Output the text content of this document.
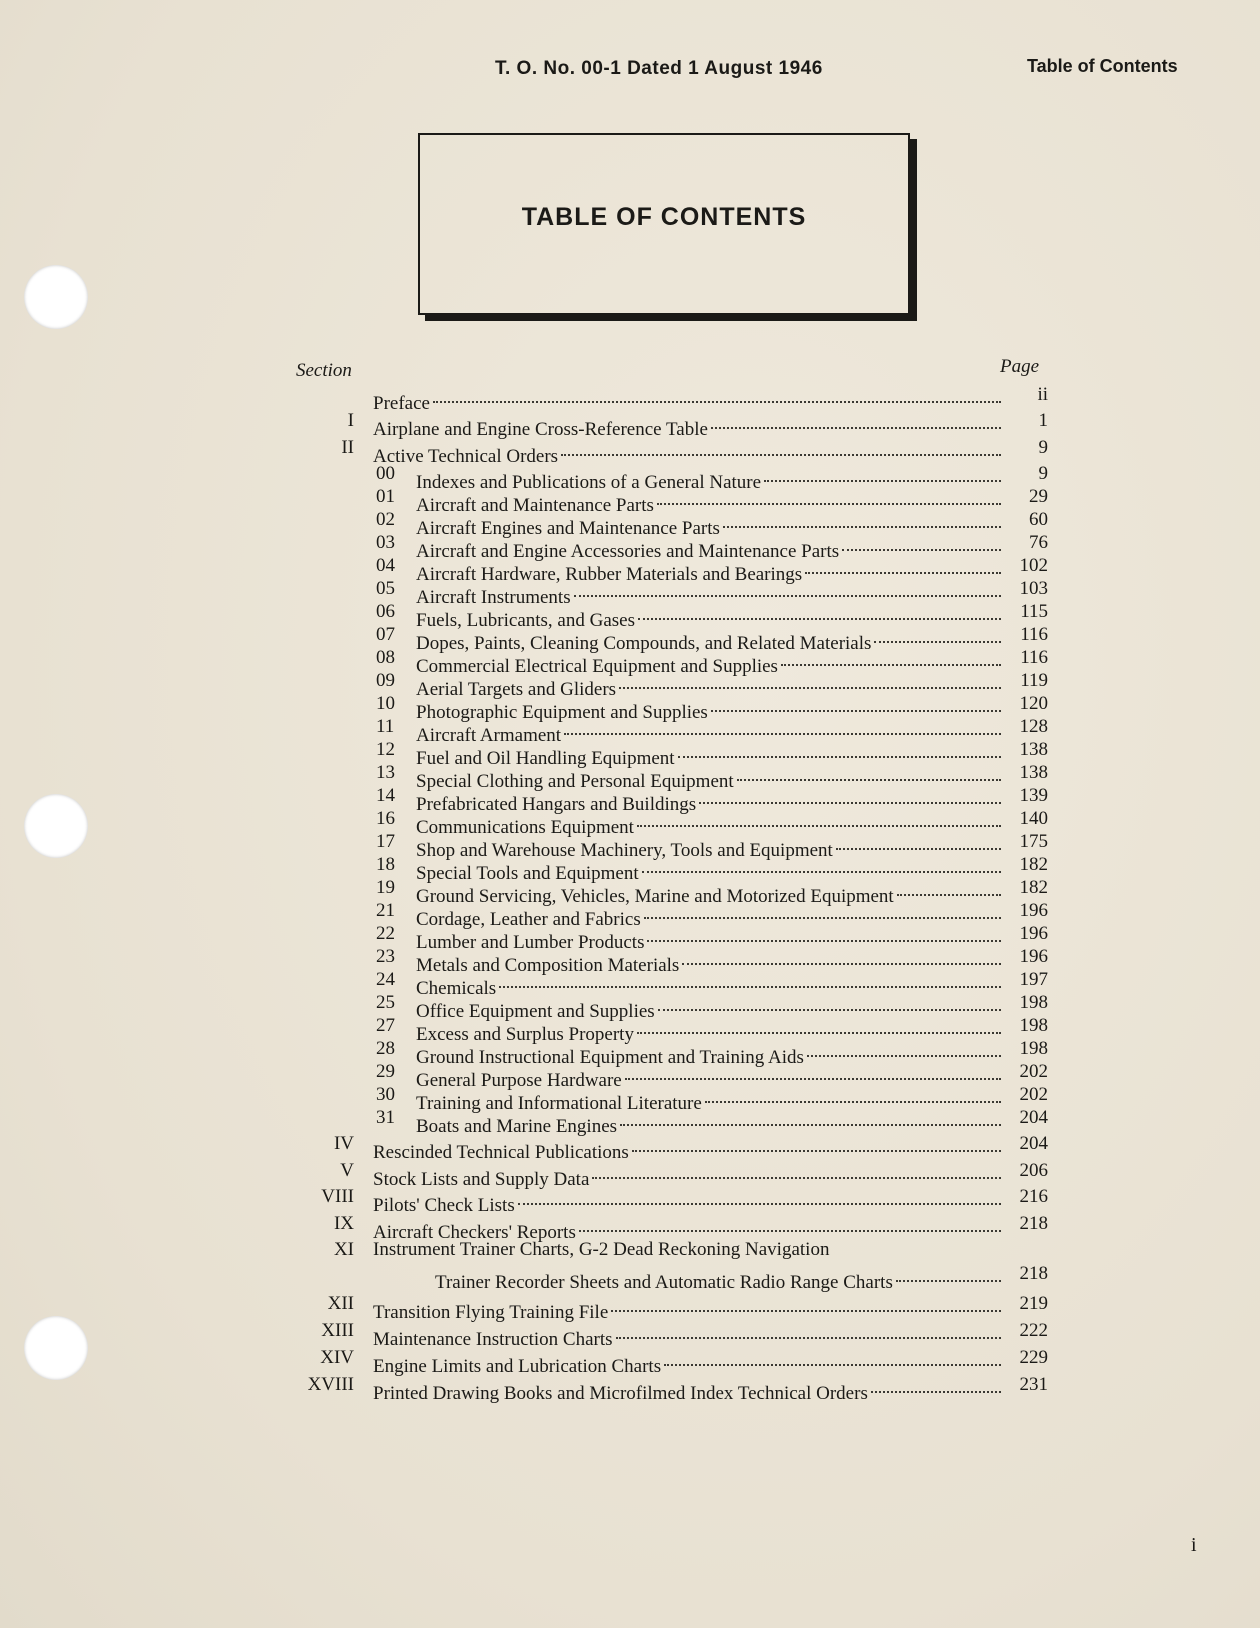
T. O. No. 00-1 Dated 1 August 1946	Table of Contents
TABLE OF CONTENTS
Section	Page
Preface	ii
I Airplane and Engine Cross-Reference Table	1
II Active Technical Orders	9
00 Indexes and Publications of a General Nature	9
01 Aircraft and Maintenance Parts	29
02 Aircraft Engines and Maintenance Parts	60
03 Aircraft and Engine Accessories and Maintenance Parts	76
04 Aircraft Hardware, Rubber Materials and Bearings	102
05 Aircraft Instruments	103
06 Fuels, Lubricants, and Gases	115
07 Dopes, Paints, Cleaning Compounds, and Related Materials	116
08 Commercial Electrical Equipment and Supplies	116
09 Aerial Targets and Gliders	119
10 Photographic Equipment and Supplies	120
11 Aircraft Armament	128
12 Fuel and Oil Handling Equipment	138
13 Special Clothing and Personal Equipment	138
14 Prefabricated Hangars and Buildings	139
16 Communications Equipment	140
17 Shop and Warehouse Machinery, Tools and Equipment	175
18 Special Tools and Equipment	182
19 Ground Servicing, Vehicles, Marine and Motorized Equipment	182
21 Cordage, Leather and Fabrics	196
22 Lumber and Lumber Products	196
23 Metals and Composition Materials	196
24 Chemicals	197
25 Office Equipment and Supplies	198
27 Excess and Surplus Property	198
28 Ground Instructional Equipment and Training Aids	198
29 General Purpose Hardware	202
30 Training and Informational Literature	202
31 Boats and Marine Engines	204
IV Rescinded Technical Publications	204
V Stock Lists and Supply Data	206
VIII Pilots' Check Lists	216
IX Aircraft Checkers' Reports	218
XI Instrument Trainer Charts, G-2 Dead Reckoning Navigation
Trainer Recorder Sheets and Automatic Radio Range Charts	218
XII Transition Flying Training File	219
XIII Maintenance Instruction Charts	222
XIV Engine Limits and Lubrication Charts	229
XVIII Printed Drawing Books and Microfilmed Index Technical Orders	231
i
